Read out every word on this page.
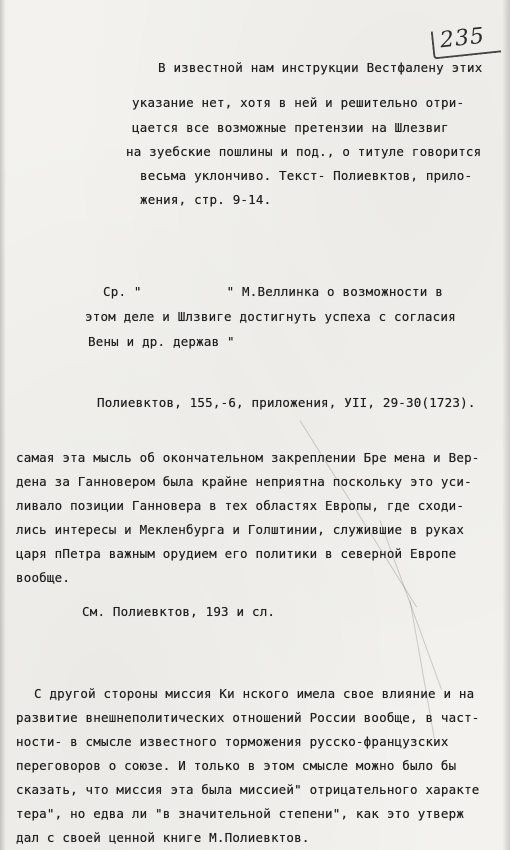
235
В известной нам инструкции Вестфалену этих
указание нет, хотя в ней и решительно отри-
цается все возможные претензии на Шлезвиг
на зуебские пошлины и под., о титуле говорится
весьма уклончиво. Текст- Полиевктов, прило-
жения, стр. 9-14.
Ср. "           " М.Веллинка о возможности в
этом деле и Шлзвиге достигнуть успеха с согласия
Вены и др. держав "
Полиевктов, 155,-6, приложения, УII, 29-30(1723).
самая эта мысль об окончательном закреплении Бре мена и Вер-
дена за Ганновером была крайне неприятна поскольку это уси-
ливало позиции Ганновера в тех областях Европы, где сходи-
лись интересы и Мекленбурга и Голштинии, служившие в руках
царя пПетра важным орудием его политики в северной Европе
вообще.
См. Полиевктов, 193 и сл.
С другой стороны миссия Ки нского имела свое влияние и на
развитие внешнеполитических отношений России вообще, в част-
ности- в смысле известного торможения русско-французских
переговоров о союзе. И только в этом смысле можно было бы
сказать, что миссия эта была миссией" отрицательного характе
тера", но едва ли "в значительной степени", как это утверж
дал с своей ценной книге М.Полиевктов.
